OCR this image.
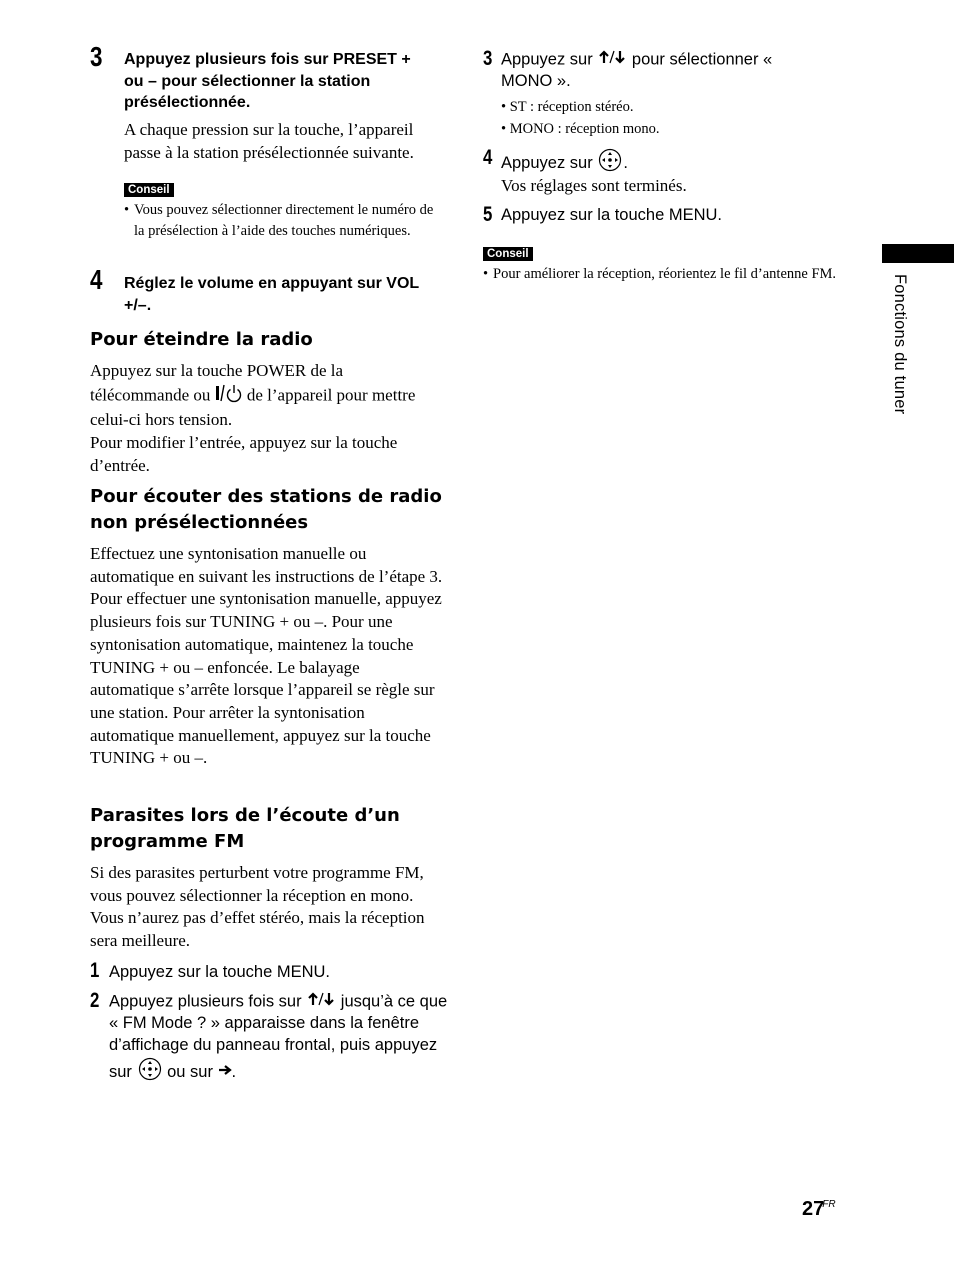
3 Appuyez plusieurs fois sur PRESET + ou – pour sélectionner la station présélectionnée.
A chaque pression sur la touche, l’appareil passe à la station présélectionnée suivante.
Conseil
• Vous pouvez sélectionner directement le numéro de la présélection à l’aide des touches numériques.
4 Réglez le volume en appuyant sur VOL +/–.
Pour éteindre la radio
Appuyez sur la touche POWER de la télécommande ou  de l’appareil pour mettre celui-ci hors tension.
Pour modifier l’entrée, appuyez sur la touche d’entrée.
Pour écouter des stations de radio non présélectionnées
Effectuez une syntonisation manuelle ou automatique en suivant les instructions de l’étape 3.
Pour effectuer une syntonisation manuelle, appuyez plusieurs fois sur TUNING + ou –. Pour une syntonisation automatique, maintenez la touche TUNING + ou – enfoncée. Le balayage automatique s’arrête lorsque l’appareil se règle sur une station. Pour arrêter la syntonisation automatique manuellement, appuyez sur la touche TUNING + ou –.
Parasites lors de l’écoute d’un programme FM
Si des parasites perturbent votre programme FM, vous pouvez sélectionner la réception en mono. Vous n’aurez pas d’effet stéréo, mais la réception sera meilleure.
1 Appuyez sur la touche MENU.
2 Appuyez plusieurs fois sur  jusqu’à ce que « FM Mode ? » apparaisse dans la fenêtre d’affichage du panneau frontal, puis appuyez sur  ou sur .
3 Appuyez sur  pour sélectionner « MONO ».
• ST : réception stéréo.
• MONO : réception mono.
4 Appuyez sur .
Vos réglages sont terminés.
5 Appuyez sur la touche MENU.
Conseil
• Pour améliorer la réception, réorientez le fil d’antenne FM.	Fonctions du tuner
$27^{FR}$
